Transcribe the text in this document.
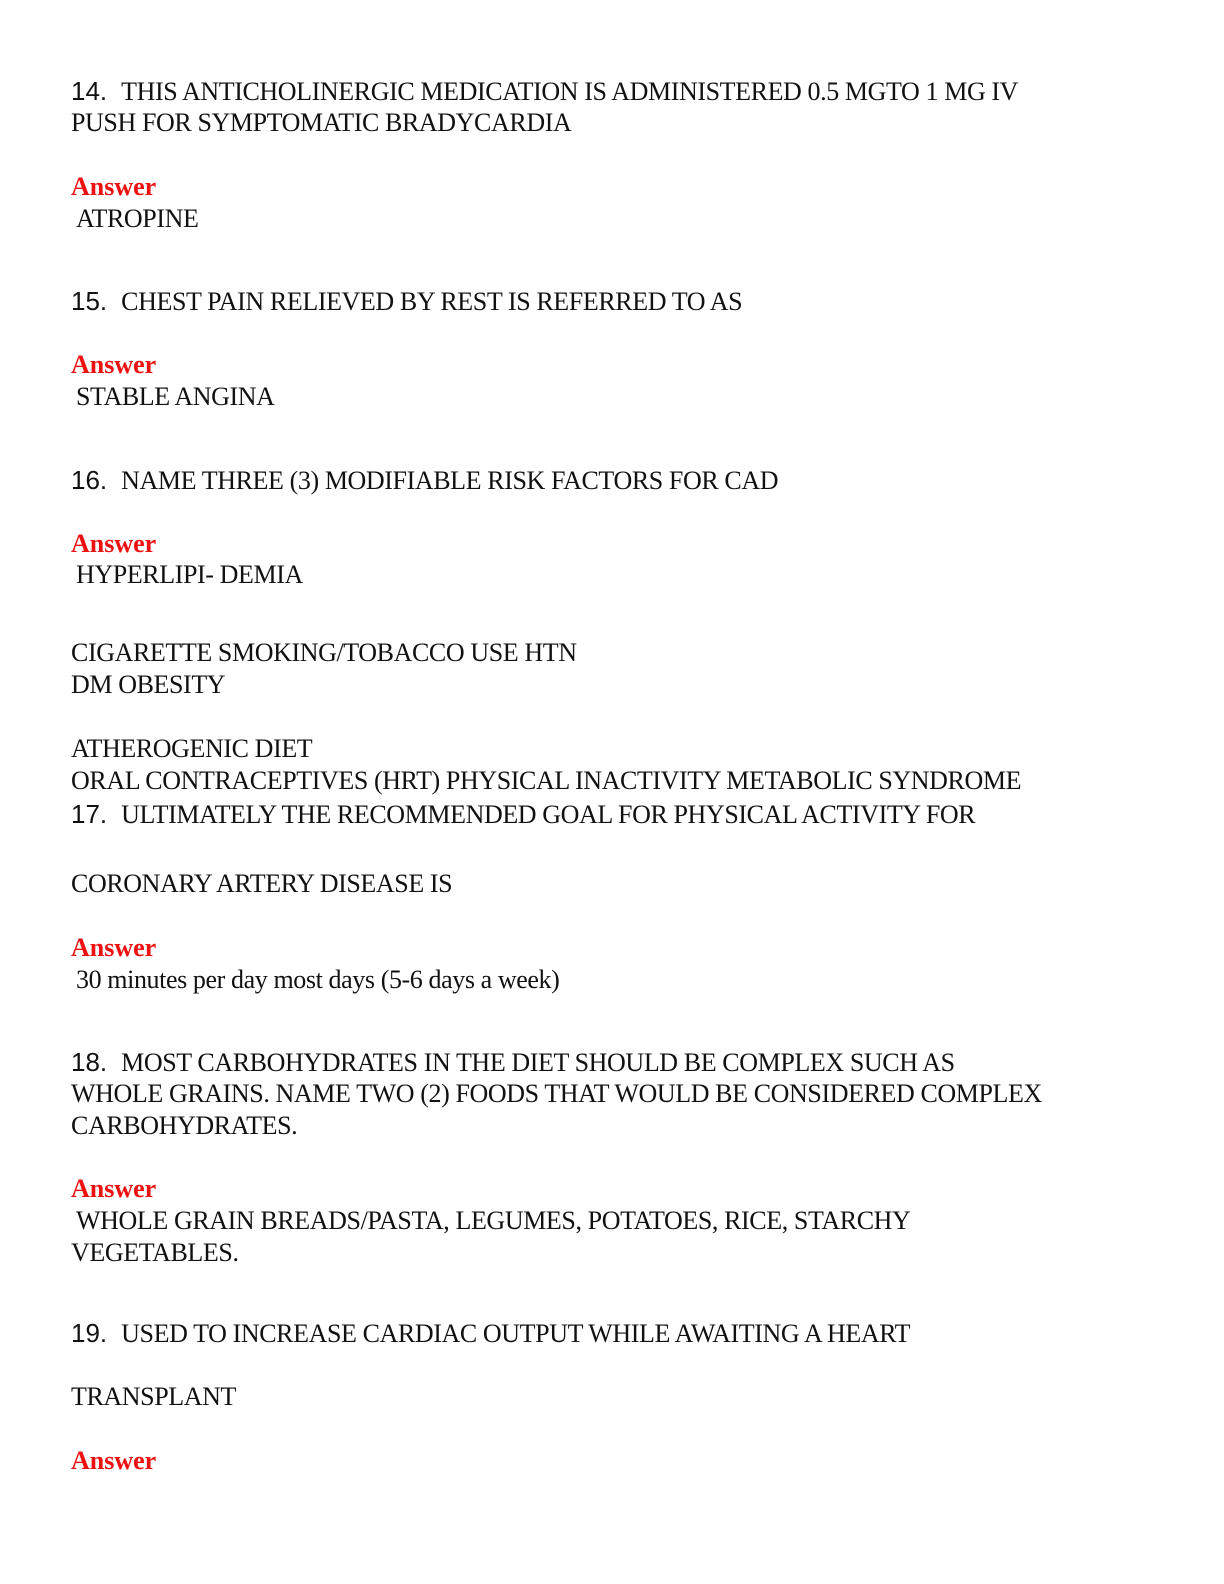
14. THIS ANTICHOLINERGIC MEDICATION IS ADMINISTERED 0.5 MGTO 1 MG IV
PUSH FOR SYMPTOMATIC BRADYCARDIA
Answer
ATROPINE
15. CHEST PAIN RELIEVED BY REST IS REFERRED TO AS
Answer
STABLE ANGINA
16. NAME THREE (3) MODIFIABLE RISK FACTORS FOR CAD
Answer
HYPERLIPI- DEMIA
CIGARETTE SMOKING/TOBACCO USE HTN
DM OBESITY
ATHEROGENIC DIET
ORAL CONTRACEPTIVES (HRT) PHYSICAL INACTIVITY METABOLIC SYNDROME
17. ULTIMATELY THE RECOMMENDED GOAL FOR PHYSICAL ACTIVITY FOR
CORONARY ARTERY DISEASE IS
Answer
30 minutes per day most days (5-6 days a week)
18. MOST CARBOHYDRATES IN THE DIET SHOULD BE COMPLEX SUCH AS
WHOLE GRAINS. NAME TWO (2) FOODS THAT WOULD BE CONSIDERED COMPLEX
CARBOHYDRATES.
Answer
WHOLE GRAIN BREADS/PASTA, LEGUMES, POTATOES, RICE, STARCHY
VEGETABLES.
19. USED TO INCREASE CARDIAC OUTPUT WHILE AWAITING A HEART
TRANSPLANT
Answer
